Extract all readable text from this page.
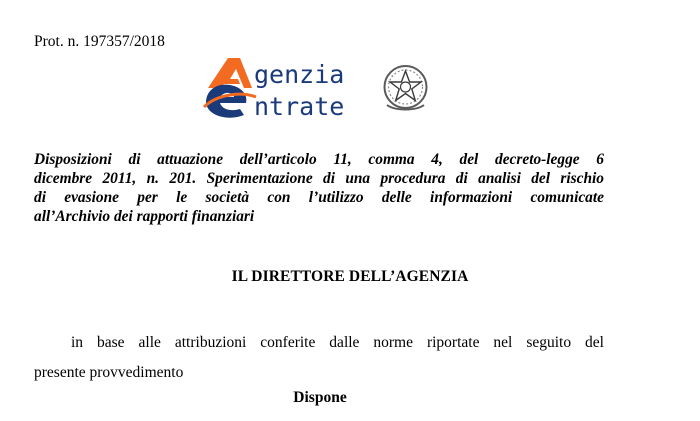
Prot. n. 197357/2018
genzia
ntrate
Disposizioni di attuazione dell’articolo 11, comma 4, del decreto-legge 6
dicembre 2011, n. 201. Sperimentazione di una procedura di analisi del rischio
di evasione per le società con l’utilizzo delle informazioni comunicate
all’Archivio dei rapporti finanziari
IL DIRETTORE DELL’AGENZIA
in base alle attribuzioni conferite dalle norme riportate nel seguito del
presente provvedimento
Dispone
